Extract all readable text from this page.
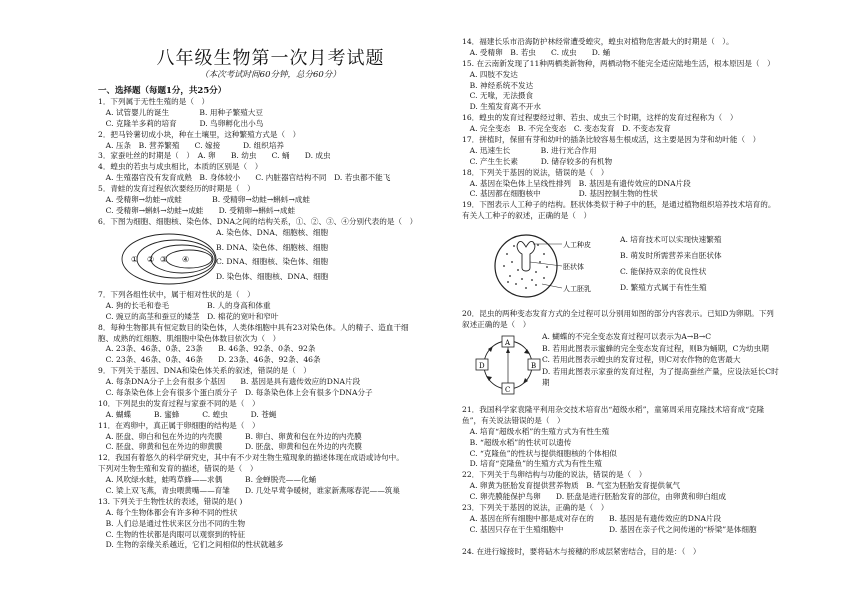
八年级生物第一次月考试题
（本次考试时间60分钟，总分60分）
一、选择题（每题1分，共25分）
1．下列属于无性生殖的是（　）
　A. 试管婴儿的诞生　　　　B. 用种子繁殖大豆
　C. 克隆羊多莉的培育　　　D. 鸟卵孵化出小鸟
2．把马铃薯切成小块，种在土壤里，这种繁殖方式是（　）
　A. 压条　B. 营养繁殖　　C. 嫁接　　　D. 组织培养
3．家蚕吐丝的时期是（　）　A. 卵　　B. 幼虫　　C. 蛹　　D. 成虫
4．蝗虫的若虫与成虫相比，本质的区别是（　）
　A. 生殖器官没有发育成熟　B. 身体较小　　C. 内脏器官结构不同　D. 若虫都不能飞
5．青蛙的发育过程依次要经历的时期是（　）
　A. 受精卵→幼蛙→成蛙　　　　B. 受精卵→幼蛙→蝌蚪→成蛙
　C. 受精卵→蝌蚪→幼蛙→成蛙　　D. 受精卵→蝌蚪→成蛙
6．下图为细胞、细胞核、染色体、DNA之间的结构关系，①、②、③、④分别代表的是（　）
① ② ③ ④
A. 染色体、DNA、细胞核、细胞
B. DNA、染色体、细胞核、细胞
C. DNA、细胞核、染色体、细胞
D. 染色体、细胞核、DNA、细胞
7．下列各组性状中，属于相对性状的是（　）
　A. 狗的长毛和卷毛　　　　　B. 人的身高和体重
　C. 豌豆的高茎和蚕豆的矮茎　D. 棉花的宽叶和窄叶
8．每种生物都具有恒定数目的染色体，人类体细胞中具有23对染色体。人的精子、造血干细
胞、成熟的红细胞、肌细胞中染色体数目依次为（　）
　A. 23条、46条、0条、23条　　B. 46条、92条、0条、92条
　C. 23条、46条、0条、46条　　D. 23条、46条、92条、46条
9．下列关于基因、DNA和染色体关系的叙述，错误的是（　）
　A. 每条DNA分子上会有很多个基因　　B. 基因是具有遗传效应的DNA片段
　C. 每条染色体上会有很多个蛋白质分子　D. 每条染色体上会有很多个DNA分子
10．下列昆虫的发育过程与家蚕不同的是（　）
　A. 蝴蝶　　　B. 蜜蜂　　　C. 蝗虫　　　D. 苍蝇
11．在鸡卵中，真正属于卵细胞的结构是（　）
　A. 胚盘、卵白和包在外边的内壳膜　　　B. 卵白、卵黄和包在外边的内壳膜
　C. 胚盘、卵黄和包在外边的卵黄膜　　　D. 胚盘、卵黄和包在外边的内壳膜
12．我国有着悠久的科学研究史，其中有不少对生物生殖现象的描述体现在成语或诗句中。
下列对生物生殖和发育的描述，错误的是（　）
　A. 风吹绿水蛙，蛙鸣草蜂——求偶　　　B. 金蝉脱壳——化蛹
　C. 梁上双飞燕，青虫喂黄嘴——育雏　　D. 几处早莺争暖树，谁家新燕啄春泥——筑巢
13. 下列关于生物性状的表述，错误的是( )
　A. 每个生物体都会有许多种不同的性状
　B. 人们总是通过性状来区分出不同的生物
　C. 生物的性状都是肉眼可以观察到的特征
　D. 生物的亲缘关系越近，它们之间相似的性状就越多
14．福建长乐市沿海防护林经常遭受蝗灾，蝗虫对植物危害最大的时期是（　）。
　A. 受精卵　B. 若虫　　C. 成虫　　D. 蛹
15. 在云南新发现了11种两栖类新物种，两栖动物不能完全适应陆地生活，根本原因是（　）
　A. 四肢不发达
　B. 神经系统不发达
　C. 无喙，无法摄食
　D. 生殖发育离不开水
16．蝗虫的发育过程要经过卵、若虫、成虫三个时期，这样的发育过程称为（　）
　A. 完全变态　B. 不完全变态　C. 变态发育　D. 不变态发育
17．拼植时，保留有芽和幼叶的插条比较容易生根成活，这主要是因为芽和幼叶能（　）
　A. 迅速生长　　　　B. 进行光合作用
　C. 产生生长素　　　D. 储存较多的有机物
18．下列关于基因的说法，错误的是（　）
　A. 基因在染色体上呈线性排列　B. 基因是有遗传效应的DNA片段
　C. 基因都在细胞核中　　　　　D. 基因控制生物的性状
19．下图表示人工种子的结构。胚状体类似于种子中的胚，是通过植物组织培养技术培育的。
有关人工种子的叙述，正确的是（　）
人工种皮
胚状体
人工胚乳
A. 培育技术可以实现快速繁殖
B. 萌发时所需营养来自胚状体
C. 能保持双亲的优良性状
D. 繁殖方式属于有性生殖
20．昆虫的两种变态发育方式的全过程可以分别用如图的部分内容表示。已知D为卵期。下列
叙述正确的是（　）
A
B
C
D
A. 蝴蝶的不完全变态发育过程可以表示为A→B→C
B. 若用此图表示蜜蜂的完全变态发育过程，则B为蛹期，C为幼虫期
C. 若用此图表示蝗虫的发育过程，则C对农作物的危害最大
D. 若用此图表示家蚕的发育过程，为了提高蚕丝产量，应设法延长C时
期
21．我国科学家袁隆平利用杂交技术培育出“超级水稻”，童第周采用克隆技术培育成“克隆
鱼”，有关说法错误的是（　）
　A. 培育“超级水稻”的生殖方式为有性生殖
　B. “超级水稻”的性状可以遗传
　C. “克隆鱼”的性状与提供细胞核的个体相似
　D. 培育“克隆鱼”的生殖方式为有性生殖
22．下列关于鸟卵结构与功能的说法，错误的是（　）
　A. 卵黄为胚胎发育提供营养物质　B. 气室为胚胎发育提供氧气
　C. 卵壳膜能保护鸟卵　　D. 胚盘是进行胚胎发育的部位，由卵黄和卵白组成
23．下列关于基因的说法，正确的是（　）
　A. 基因在所有细胞中都是成对存在的　　B. 基因是有遗传效应的DNA片段
　C. 基因只存在于生殖细胞中　　　　　　D. 基因在亲子代之间传递的“桥梁”是体细胞
24. 在进行嫁接时，要将砧木与接穗的形成层紧密结合，目的是：（　）
